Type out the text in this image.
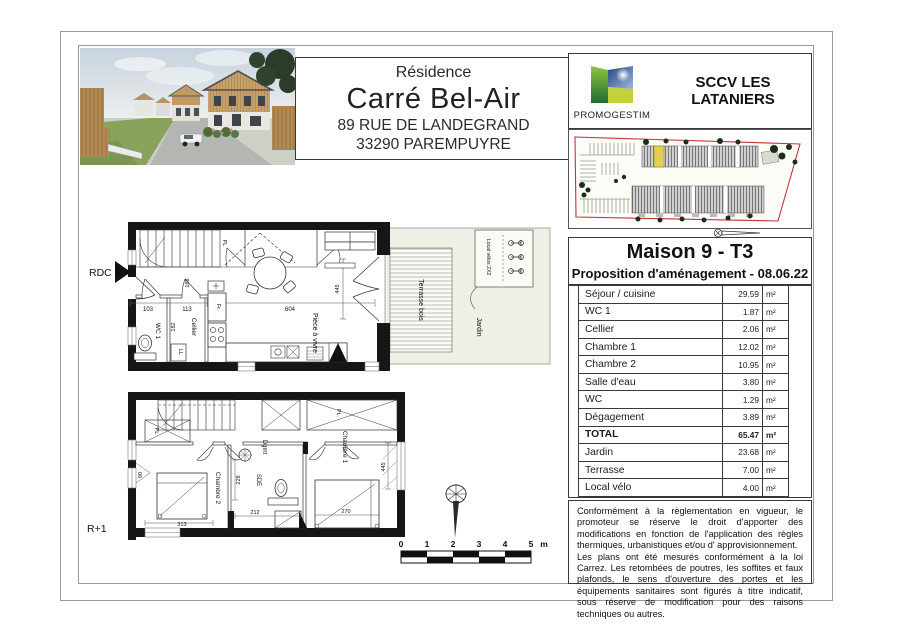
Résidence
Carré Bel-Air
89 RUE DE LANDEGRAND
33290 PAREMPUYRE
PROMOGESTIM
SCCV LES LATANIERS
Maison 9 - T3
Proposition d'aménagement - 08.06.22
Séjour / cuisine	29.59 m²
WC 1	1.87 m²
Cellier	2.06 m²
Chambre 1	12.02 m²
Chambre 2	10.95 m²
Salle d'eau	3.80 m²
WC	1.29 m²
Dégagement	3.89 m²
TOTAL	65.47 m²
Jardin	23.68 m²
Terrasse	7.00 m²
Local vélo	4.00 m²

Conformément à la règlementation en vigueur, le promoteur se réserve le droit d'apporter des modifications en fonction de l'application des règles thermiques, urbanistiques et/ou d' approvisionnement.

Les plans ont été mesurés conformément à la loi Carrez. Les retombées de poutres, les soffites et faux plafonds, le sens d'ouverture des portes et les équipements sanitaires sont figurés à titre indicatif, sous réserve de modification pour des raisons techniques ou autres.

Terrasse bois
Jardin
Local vélos 2X2
445
PL
103	113	604
169
182
WC 1	Cellier
LL
Fr.
Pièce à vivre
RDC
PL
PL.
SDE
Dgmt
Chambre 2
313
90
228
212
Chambre 1
270
445
R+1
0	1	2	3	4	5 m
